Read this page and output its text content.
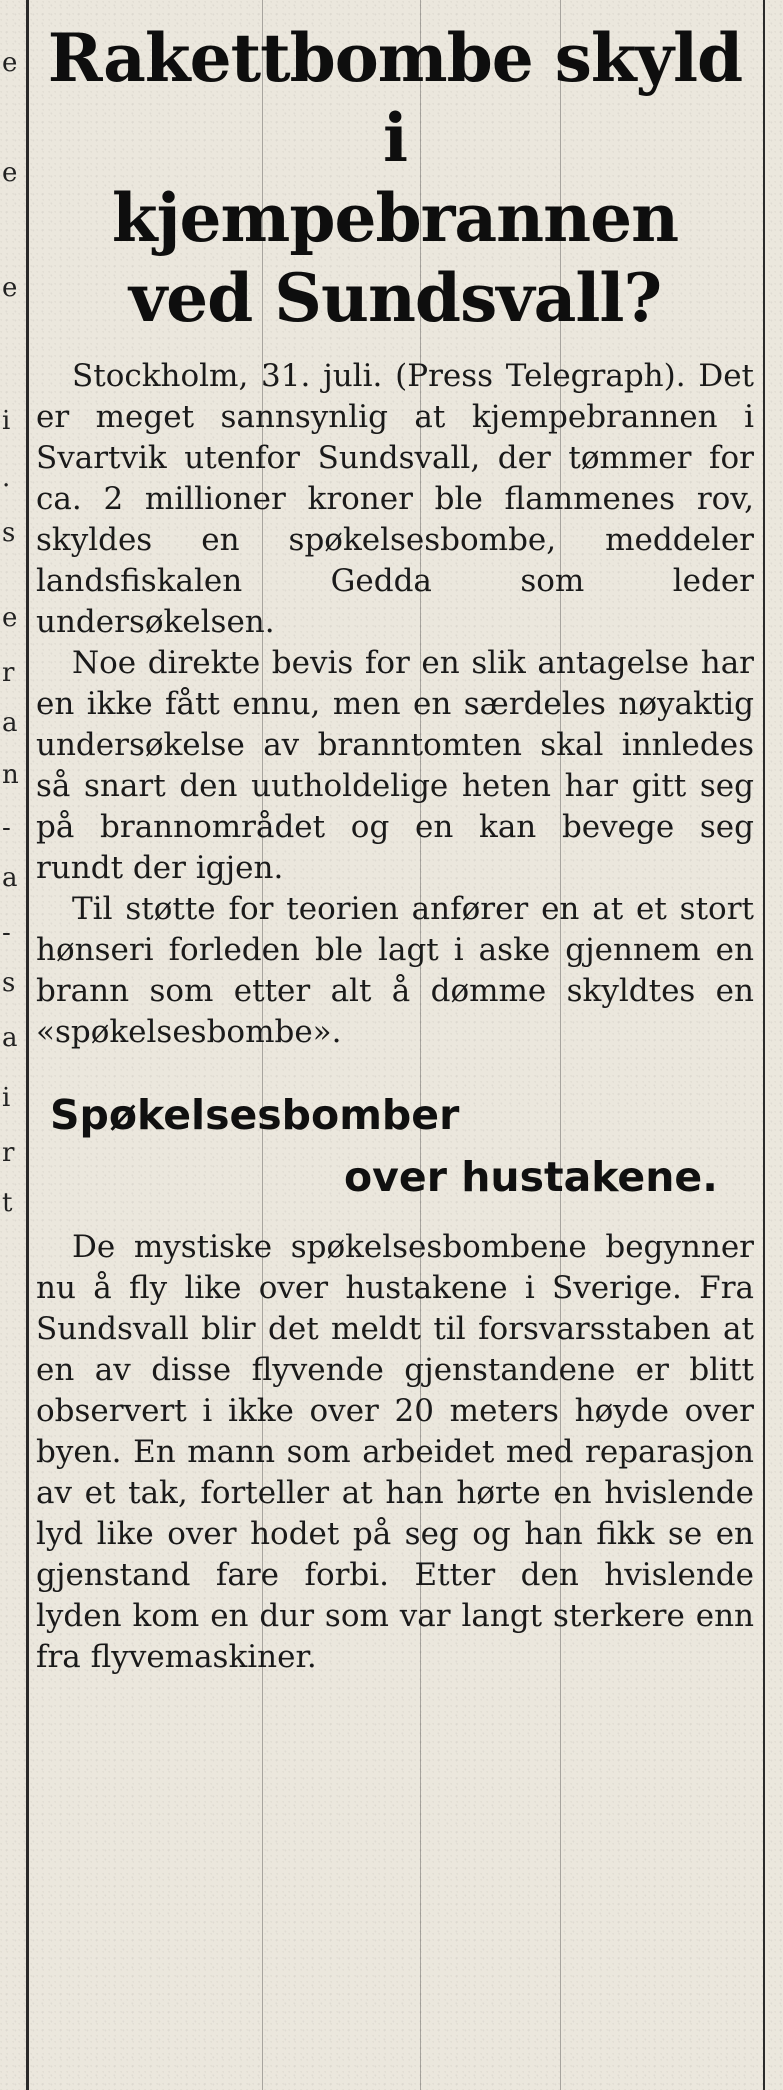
e
e
e
i
.
s
e
r
a
n
-
a
-
s
a
i
r
t
Rakettbombe skyld i
kjempebrannen
ved Sundsvall?

Stockholm, 31. juli. (Press Telegraph). Det er meget sannsynlig at kjempebrannen i Svartvik utenfor Sundsvall, der tømmer for ca. 2 millioner kroner ble flammenes rov, skyldes en spøkelsesbombe, meddeler landsfiskalen Gedda som leder undersøkelsen.

Noe direkte bevis for en slik antagelse har en ikke fått ennu, men en særdeles nøyaktig undersøkelse av branntomten skal innledes så snart den uutholdelige heten har gitt seg på brannområdet og en kan bevege seg rundt der igjen.

Til støtte for teorien anfører en at et stort hønseri forleden ble lagt i aske gjennem en brann som etter alt å dømme skyldtes en «spøkelsesbombe».

Spøkelsesbomber
over hustakene.

De mystiske spøkelsesbombene begynner nu å fly like over hustakene i Sverige. Fra Sundsvall blir det meldt til forsvarsstaben at en av disse flyvende gjenstandene er blitt observert i ikke over 20 meters høyde over byen. En mann som arbeidet med reparasjon av et tak, forteller at han hørte en hvislende lyd like over hodet på seg og han fikk se en gjenstand fare forbi. Etter den hvislende lyden kom en dur som var langt sterkere enn fra flyvemaskiner.
